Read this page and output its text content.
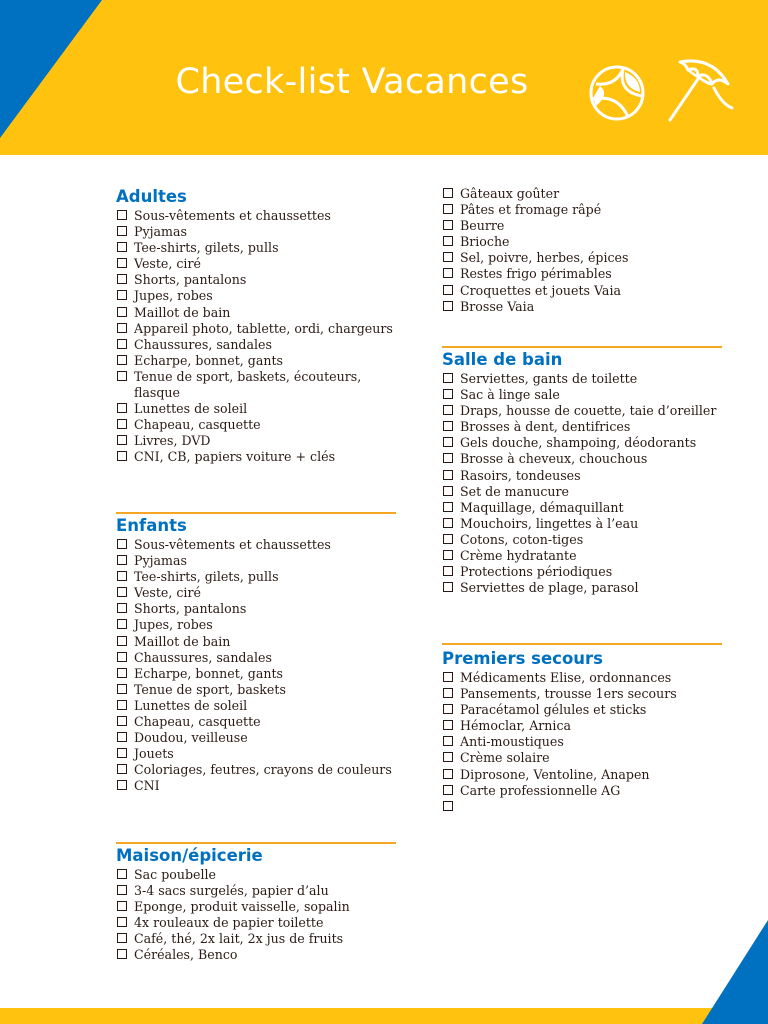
Check-list Vacances
Adultes
Sous-vêtements et chaussettes
Pyjamas
Tee-shirts, gilets, pulls
Veste, ciré
Shorts, pantalons
Jupes, robes
Maillot de bain
Appareil photo, tablette, ordi, chargeurs
Chaussures, sandales
Echarpe, bonnet, gants
Tenue de sport, baskets, écouteurs, flasque
Lunettes de soleil
Chapeau, casquette
Livres, DVD
CNI, CB, papiers voiture + clés
Enfants
Sous-vêtements et chaussettes
Pyjamas
Tee-shirts, gilets, pulls
Veste, ciré
Shorts, pantalons
Jupes, robes
Maillot de bain
Chaussures, sandales
Echarpe, bonnet, gants
Tenue de sport, baskets
Lunettes de soleil
Chapeau, casquette
Doudou, veilleuse
Jouets
Coloriages, feutres, crayons de couleurs
CNI
Maison/épicerie
Sac poubelle
3-4 sacs surgelés, papier d’alu
Eponge, produit vaisselle, sopalin
4x rouleaux de papier toilette
Café, thé, 2x lait, 2x jus de fruits
Céréales, Benco
Gâteaux goûter
Pâtes et fromage râpé
Beurre
Brioche
Sel, poivre, herbes, épices
Restes frigo périmables
Croquettes et jouets Vaia
Brosse Vaia
Salle de bain
Serviettes, gants de toilette
Sac à linge sale
Draps, housse de couette, taie d’oreiller
Brosses à dent, dentifrices
Gels douche, shampoing, déodorants
Brosse à cheveux, chouchous
Rasoirs, tondeuses
Set de manucure
Maquillage, démaquillant
Mouchoirs, lingettes à l’eau
Cotons, coton-tiges
Crème hydratante
Protections périodiques
Serviettes de plage, parasol
Premiers secours
Médicaments Elise, ordonnances
Pansements, trousse 1ers secours
Paracétamol gélules et sticks
Hémoclar, Arnica
Anti-moustiques
Crème solaire
Diprosone, Ventoline, Anapen
Carte professionnelle AG
